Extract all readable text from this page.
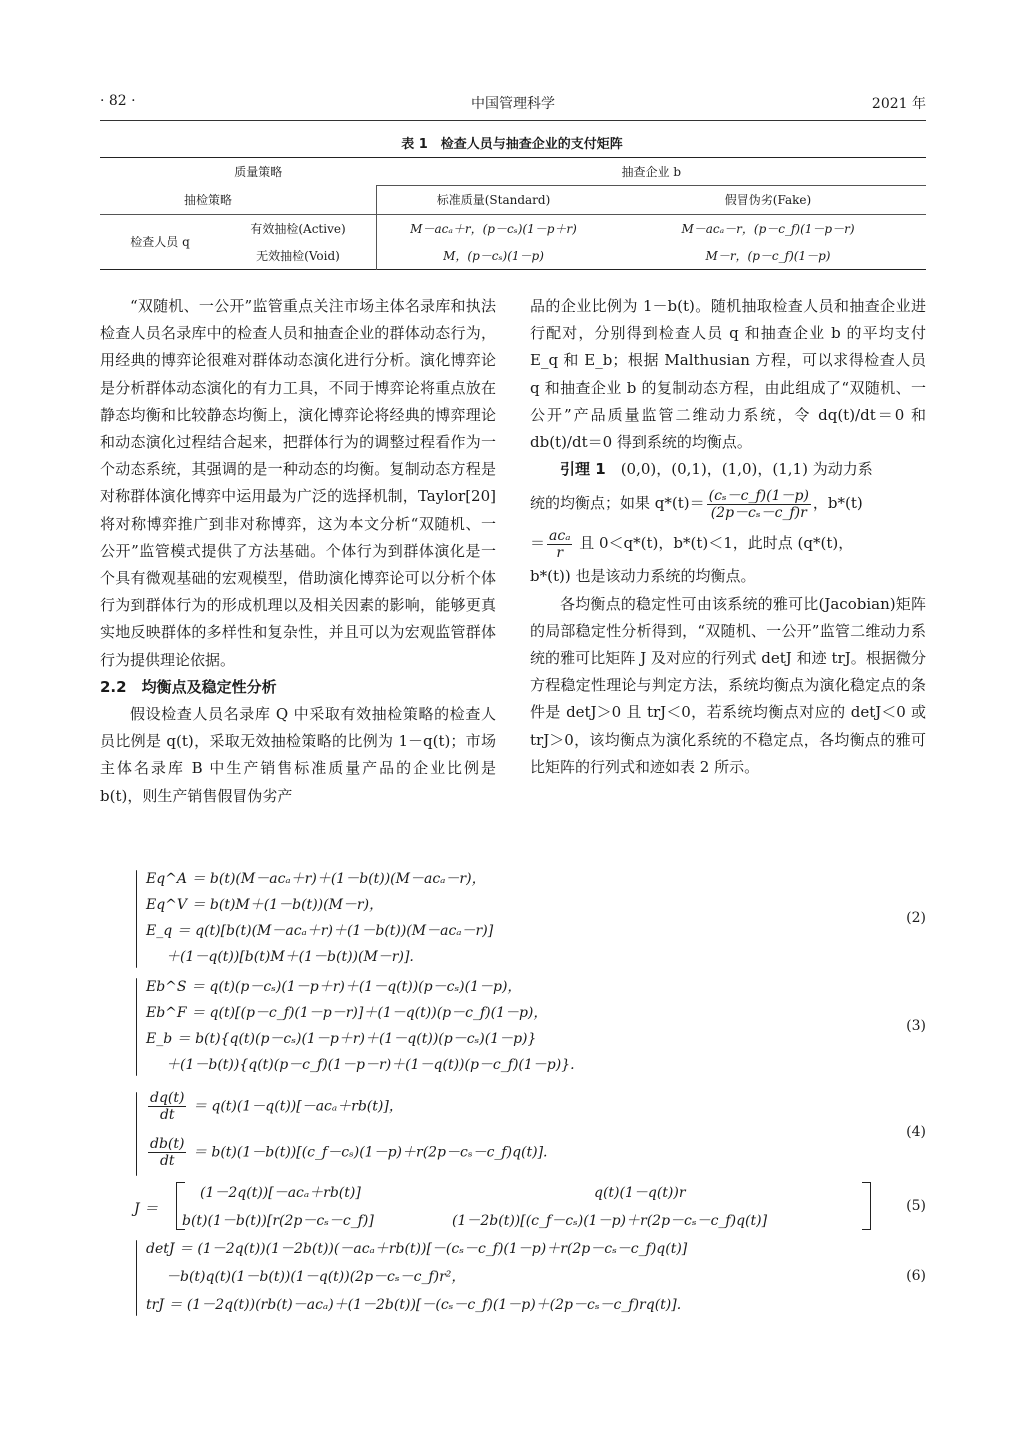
· 82 ·	中国管理科学	2021 年
表 1　检查人员与抽查企业的支付矩阵
质量策略		抽查企业 b	
抽检策略		标准质量(Standard)	假冒伪劣(Fake)
检查人员 q	有效抽检(Active)	M－acₐ＋r，(p－cₛ)(1－p＋r)	M－acₐ－r，(p－c_f)(1－p－r)
	无效抽检(Void)	M，(p－cₛ)(1－p)	M－r，(p－c_f)(1－p)

“双随机、一公开”监管重点关注市场主体名录库和执法检查人员名录库中的检查人员和抽查企业的群体动态行为，用经典的博弈论很难对群体动态演化进行分析。演化博弈论是分析群体动态演化的有力工具，不同于博弈论将重点放在静态均衡和比较静态均衡上，演化博弈论将经典的博弈理论和动态演化过程结合起来，把群体行为的调整过程看作为一个动态系统，其强调的是一种动态的均衡。复制动态方程是对称群体演化博弈中运用最为广泛的选择机制，Taylor[20] 将对称博弈推广到非对称博弈，这为本文分析“双随机、一公开”监管模式提供了方法基础。个体行为到群体演化是一个具有微观基础的宏观模型，借助演化博弈论可以分析个体行为到群体行为的形成机理以及相关因素的影响，能够更真实地反映群体的多样性和复杂性，并且可以为宏观监管群体行为提供理论依据。

2.2　均衡点及稳定性分析

假设检查人员名录库 Q 中采取有效抽检策略的检查人员比例是 q(t)，采取无效抽检策略的比例为 1－q(t)；市场主体名录库 B 中生产销售标准质量产品的企业比例是 b(t)，则生产销售假冒伪劣产

品的企业比例为 1－b(t)。随机抽取检查人员和抽查企业进行配对，分别得到检查人员 q 和抽查企业 b 的平均支付 E_q 和 E_b；根据 Malthusian 方程，可以求得检查人员 q 和抽查企业 b 的复制动态方程，由此组成了“双随机、一公开”产品质量监管二维动力系统，令 dq(t)/dt＝0 和 db(t)/dt＝0 得到系统的均衡点。

引理 1　 (0,0)，(0,1)，(1,0)，(1,1) 为动力系

统的均衡点；如果 $q*(t)= \frac{\text{(cₛ－c\_f)(1－p)}}{\text{(2p－cₛ－c\_f)r}}$ ，b*(t)

＝ $\frac{\text{acₐ}}{r}$ 且 0＜q*(t)，b*(t)＜1，此时点 (q*(t)，

b*(t)) 也是该动力系统的均衡点。

各均衡点的稳定性可由该系统的雅可比(Jacobian)矩阵的局部稳定性分析得到，“双随机、一公开”监管二维动力系统的雅可比矩阵 J 及对应的行列式 detJ 和迹 trJ。根据微分方程稳定性理论与判定方法，系统均衡点为演化稳定点的条件是 detJ＞0 且 trJ＜0，若系统均衡点对应的 detJ＜0 或 trJ＞0，该均衡点为演化系统的不稳定点，各均衡点的雅可比矩阵的行列式和迹如表 2 所示。

Eq^A ＝ b(t)(M－acₐ＋r)＋(1－b(t))(M－acₐ－r)，
Eq^V ＝ b(t)M＋(1－b(t))(M－r)，
E_q ＝ q(t)[b(t)(M－acₐ＋r)＋(1－b(t))(M－acₐ－r)]
＋(1－q(t))[b(t)M＋(1－b(t))(M－r)].
(2)
Eb^S ＝ q(t)(p－cₛ)(1－p＋r)＋(1－q(t))(p－cₛ)(1－p)，
Eb^F ＝ q(t)[(p－c_f)(1－p－r)]＋(1－q(t))(p－c_f)(1－p)，
E_b ＝ b(t){q(t)(p－cₛ)(1－p＋r)＋(1－q(t))(p－cₛ)(1－p)}
＋(1－b(t)){q(t)(p－c_f)(1－p－r)＋(1－q(t))(p－c_f)(1－p)}.
(3)
$\frac{dq(t)}{dt} = q(t)(1-q(t))[-ac_a+rb(t)]$，
$\frac{db(t)}{dt}$ ＝ b(t)(1－b(t))[(c_f－cₛ)(1－p)＋r(2p－cₛ－c_f)q(t)].
(4)
J ＝
(1－2q(t))[－acₐ＋rb(t)]	q(t)(1－q(t))r
b(t)(1－b(t))[r(2p－cₛ－c_f)]	(1－2b(t))[(c_f－cₛ)(1－p)＋r(2p－cₛ－c_f)q(t)]
(5)
detJ ＝ (1－2q(t))(1－2b(t))(－acₐ＋rb(t))[－(cₛ－c_f)(1－p)＋r(2p－cₛ－c_f)q(t)]
－b(t)q(t)(1－b(t))(1－q(t))(2p－cₛ－c_f)r²，
trJ ＝ (1－2q(t))(rb(t)－acₐ)＋(1－2b(t))[－(cₛ－c_f)(1－p)＋(2p－cₛ－c_f)rq(t)].
(6)
